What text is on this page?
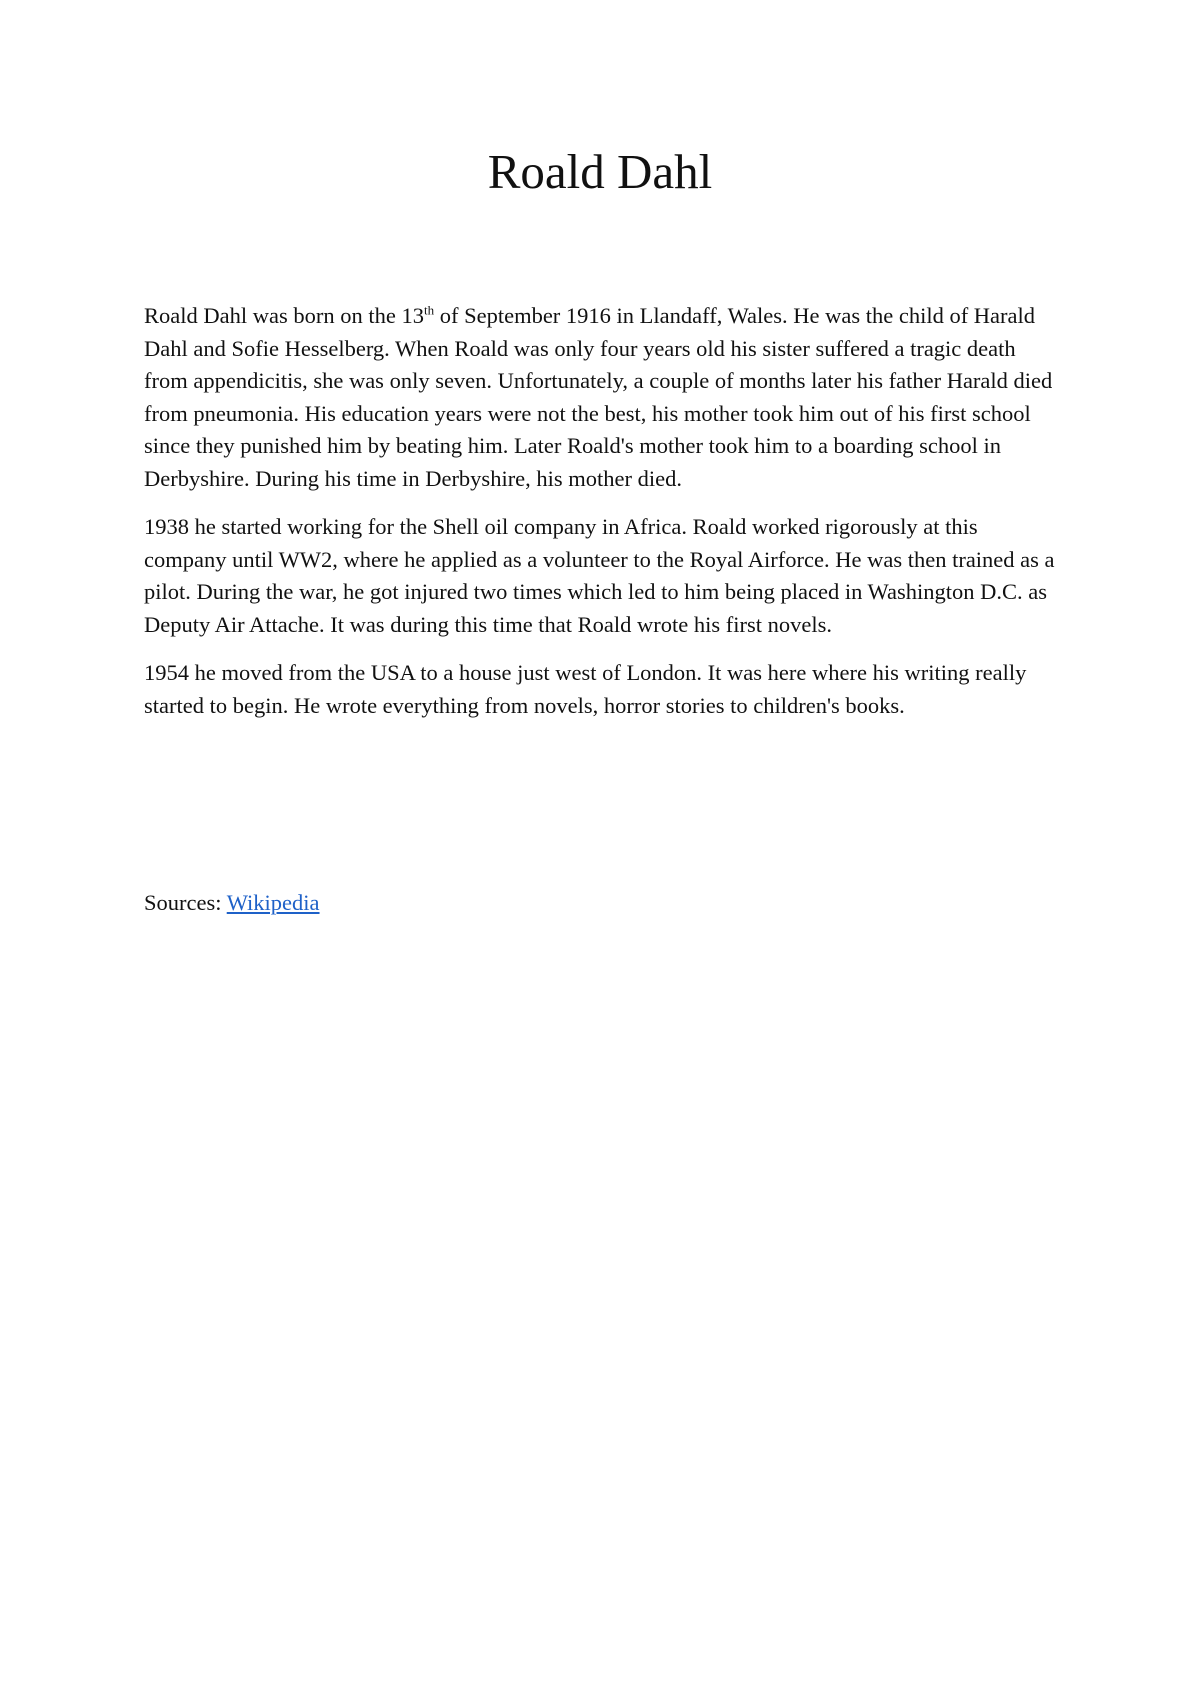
Roald Dahl

Roald Dahl was born on the 13th of September 1916 in Llandaff, Wales. He was the child of Harald Dahl and Sofie Hesselberg. When Roald was only four years old his sister suffered a tragic death from appendicitis, she was only seven. Unfortunately, a couple of months later his father Harald died from pneumonia. His education years were not the best, his mother took him out of his first school since they punished him by beating him. Later Roald's mother took him to a boarding school in Derbyshire. During his time in Derbyshire, his mother died.

1938 he started working for the Shell oil company in Africa. Roald worked rigorously at this company until WW2, where he applied as a volunteer to the Royal Airforce. He was then trained as a pilot. During the war, he got injured two times which led to him being placed in Washington D.C. as Deputy Air Attache. It was during this time that Roald wrote his first novels.

1954 he moved from the USA to a house just west of London. It was here where his writing really started to begin. He wrote everything from novels, horror stories to children's books.

Sources: Wikipedia
